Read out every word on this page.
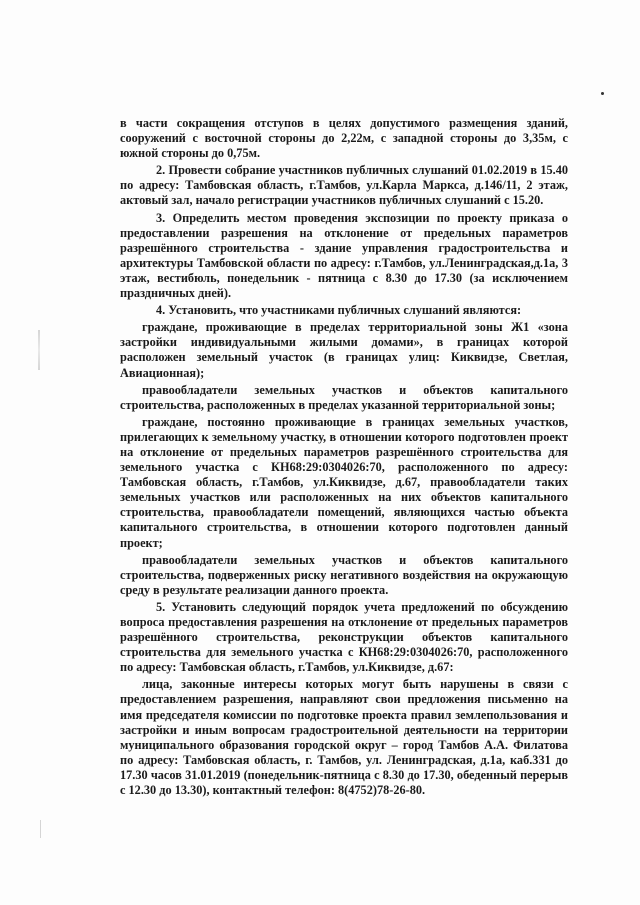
в части сокращения отступов в целях допустимого размещения зданий, сооружений с восточной стороны до 2,22м, с западной стороны до 3,35м, с южной стороны до 0,75м.

2. Провести собрание участников публичных слушаний 01.02.2019 в 15.40 по адресу: Тамбовская область, г.Тамбов, ул.Карла Маркса, д.146/11, 2 этаж, актовый зал, начало регистрации участников публичных слушаний с 15.20.

3. Определить местом проведения экспозиции по проекту приказа о предоставлении разрешения на отклонение от предельных параметров разрешённого строительства - здание управления градостроительства и архитектуры Тамбовской области по адресу: г.Тамбов, ул.Ленинградская,д.1а, 3 этаж, вестибюль, понедельник - пятница с 8.30 до 17.30 (за исключением праздничных дней).

4. Установить, что участниками публичных слушаний являются:

граждане, проживающие в пределах территориальной зоны Ж1 «зона застройки индивидуальными жилыми домами», в границах которой расположен земельный участок (в границах улиц: Киквидзе, Светлая, Авиационная);

правообладатели земельных участков и объектов капитального строительства, расположенных в пределах указанной территориальной зоны;

граждане, постоянно проживающие в границах земельных участков, прилегающих к земельному участку, в отношении которого подготовлен проект на отклонение от предельных параметров разрешённого строительства для земельного участка с КН68:29:0304026:70, расположенного по адресу: Тамбовская область, г.Тамбов, ул.Киквидзе, д.67, правообладатели таких земельных участков или расположенных на них объектов капитального строительства, правообладатели помещений, являющихся частью объекта капитального строительства, в отношении которого подготовлен данный проект;

правообладатели земельных участков и объектов капитального строительства, подверженных риску негативного воздействия на окружающую среду в результате реализации данного проекта.

5. Установить следующий порядок учета предложений по обсуждению вопроса предоставления разрешения на отклонение от предельных параметров разрешённого строительства, реконструкции объектов капитального строительства для земельного участка с КН68:29:0304026:70, расположенного по адресу: Тамбовская область, г.Тамбов, ул.Киквидзе, д.67:

лица, законные интересы которых могут быть нарушены в связи с предоставлением разрешения, направляют свои предложения письменно на имя председателя комиссии по подготовке проекта правил землепользования и застройки и иным вопросам градостроительной деятельности на территории муниципального образования городской округ – город Тамбов А.А. Филатова по адресу: Тамбовская область, г. Тамбов, ул. Ленинградская, д.1а, каб.331 до 17.30 часов 31.01.2019 (понедельник-пятница с 8.30 до 17.30, обеденный перерыв с 12.30 до 13.30), контактный телефон: 8(4752)78-26-80.
